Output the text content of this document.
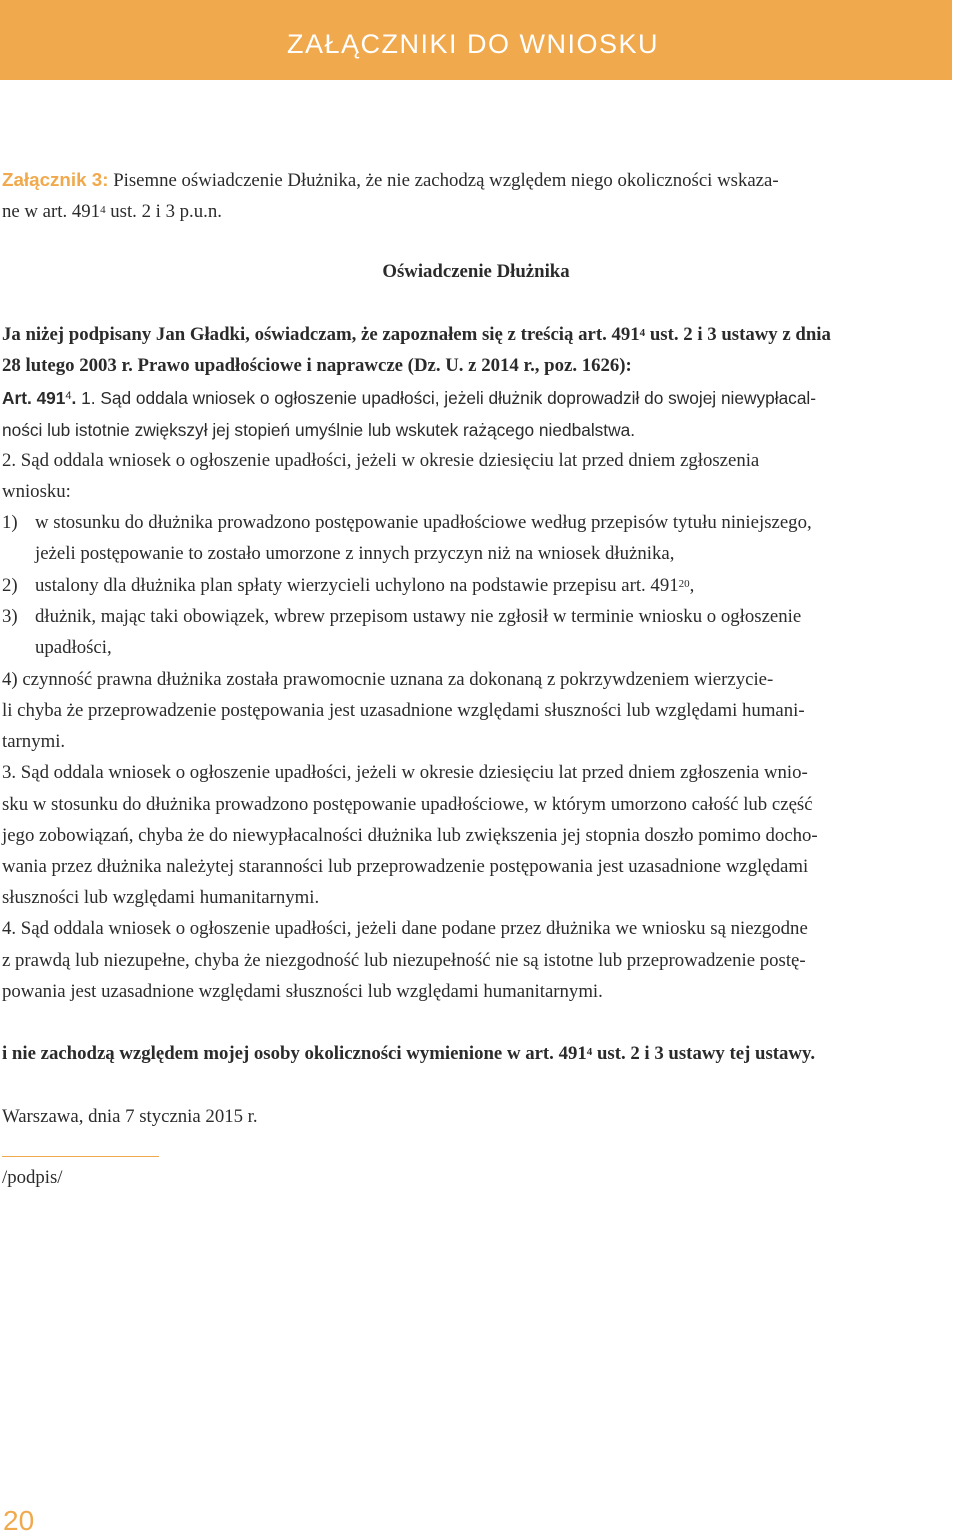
ZAŁĄCZNIKI DO WNIOSKU
Załącznik 3: Pisemne oświadczenie Dłużnika, że nie zachodzą względem niego okoliczności wskaza-
ne w art. $491^4$ ust. 2 i 3 p.u.n.
Oświadczenie Dłużnika
Ja niżej podpisany Jan Gładki, oświadczam, że zapoznałem się z treścią art. $491^4$ ust. 2 i 3 ustawy z dnia
28 lutego 2003 r. Prawo upadłościowe i naprawcze (Dz. U. z 2014 r., poz. 1626):
Art. $491^4$. 1. Sąd oddala wniosek o ogłoszenie upadłości, jeżeli dłużnik doprowadził do swojej niewypłacal-
ności lub istotnie zwiększył jej stopień umyślnie lub wskutek rażącego niedbalstwa.
2. Sąd oddala wniosek o ogłoszenie upadłości, jeżeli w okresie dziesięciu lat przed dniem zgłoszenia
wniosku:
1) w stosunku do dłużnika prowadzono postępowanie upadłościowe według przepisów tytułu niniejszego,
jeżeli postępowanie to zostało umorzone z innych przyczyn niż na wniosek dłużnika,
2) ustalony dla dłużnika plan spłaty wierzycieli uchylono na podstawie przepisu art. $491^{20}$,
3) dłużnik, mając taki obowiązek, wbrew przepisom ustawy nie zgłosił w terminie wniosku o ogłoszenie
upadłości,
4) czynność prawna dłużnika została prawomocnie uznana za dokonaną z pokrzywdzeniem wierzycie-
li chyba że przeprowadzenie postępowania jest uzasadnione względami słuszności lub względami humani-
tarnymi.
3. Sąd oddala wniosek o ogłoszenie upadłości, jeżeli w okresie dziesięciu lat przed dniem zgłoszenia wnio-
sku w stosunku do dłużnika prowadzono postępowanie upadłościowe, w którym umorzono całość lub część
jego zobowiązań, chyba że do niewypłacalności dłużnika lub zwiększenia jej stopnia doszło pomimo docho-
wania przez dłużnika należytej staranności lub przeprowadzenie postępowania jest uzasadnione względami
słuszności lub względami humanitarnymi.
4. Sąd oddala wniosek o ogłoszenie upadłości, jeżeli dane podane przez dłużnika we wniosku są niezgodne
z prawdą lub niezupełne, chyba że niezgodność lub niezupełność nie są istotne lub przeprowadzenie postę-
powania jest uzasadnione względami słuszności lub względami humanitarnymi.
i nie zachodzą względem mojej osoby okoliczności wymienione w art. $491^4$ ust. 2 i 3 ustawy tej ustawy.
Warszawa, dnia 7 stycznia 2015 r.
/podpis/
20
